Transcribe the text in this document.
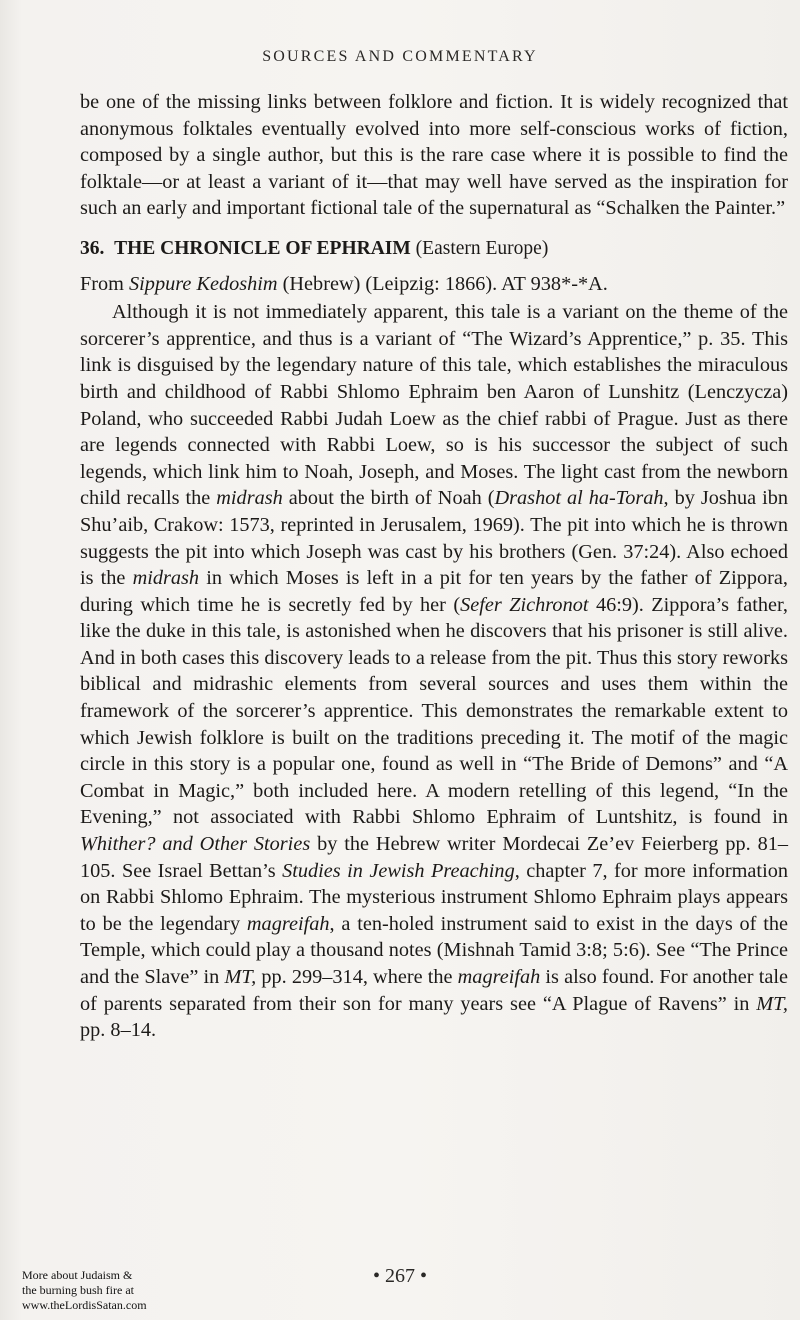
SOURCES AND COMMENTARY

be one of the missing links between folklore and fiction. It is widely recognized that anonymous folktales eventually evolved into more self-conscious works of fiction, composed by a single author, but this is the rare case where it is possible to find the folktale—or at least a variant of it—that may well have served as the inspiration for such an early and important fictional tale of the supernatural as “Schalken the Painter.”

36. THE CHRONICLE OF EPHRAIM (Eastern Europe)

From Sippure Kedoshim (Hebrew) (Leipzig: 1866). AT 938*-*A.

Although it is not immediately apparent, this tale is a variant on the theme of the sorcerer’s apprentice, and thus is a variant of “The Wizard’s Apprentice,” p. 35. This link is disguised by the legendary nature of this tale, which establishes the miraculous birth and childhood of Rabbi Shlomo Ephraim ben Aaron of Lunshitz (Lenczycza) Poland, who succeeded Rabbi Judah Loew as the chief rabbi of Prague. Just as there are legends connected with Rabbi Loew, so is his successor the subject of such legends, which link him to Noah, Joseph, and Moses. The light cast from the newborn child recalls the midrash about the birth of Noah (Drashot al ha-Torah, by Joshua ibn Shu’aib, Crakow: 1573, reprinted in Jerusalem, 1969). The pit into which he is thrown suggests the pit into which Joseph was cast by his brothers (Gen. 37:24). Also echoed is the midrash in which Moses is left in a pit for ten years by the father of Zippora, during which time he is secretly fed by her (Sefer Zichronot 46:9). Zippora’s father, like the duke in this tale, is astonished when he discovers that his prisoner is still alive. And in both cases this discovery leads to a release from the pit. Thus this story reworks biblical and midrashic elements from several sources and uses them within the framework of the sorcerer’s apprentice. This demonstrates the remarkable extent to which Jewish folklore is built on the traditions preceding it. The motif of the magic circle in this story is a popular one, found as well in “The Bride of Demons” and “A Combat in Magic,” both included here. A modern retelling of this legend, “In the Evening,” not associated with Rabbi Shlomo Ephraim of Luntshitz, is found in Whither? and Other Stories by the Hebrew writer Mordecai Ze’ev Feierberg pp. 81–105. See Israel Bettan’s Studies in Jewish Preaching, chapter 7, for more information on Rabbi Shlomo Ephraim. The mysterious instrument Shlomo Ephraim plays appears to be the legendary magreifah, a ten-holed instrument said to exist in the days of the Temple, which could play a thousand notes (Mishnah Tamid 3:8; 5:6). See “The Prince and the Slave” in MT, pp. 299–314, where the magreifah is also found. For another tale of parents separated from their son for many years see “A Plague of Ravens” in MT, pp. 8–14.

• 267 •
More about Judaism &
the burning bush fire at
www.theLordisSatan.com
